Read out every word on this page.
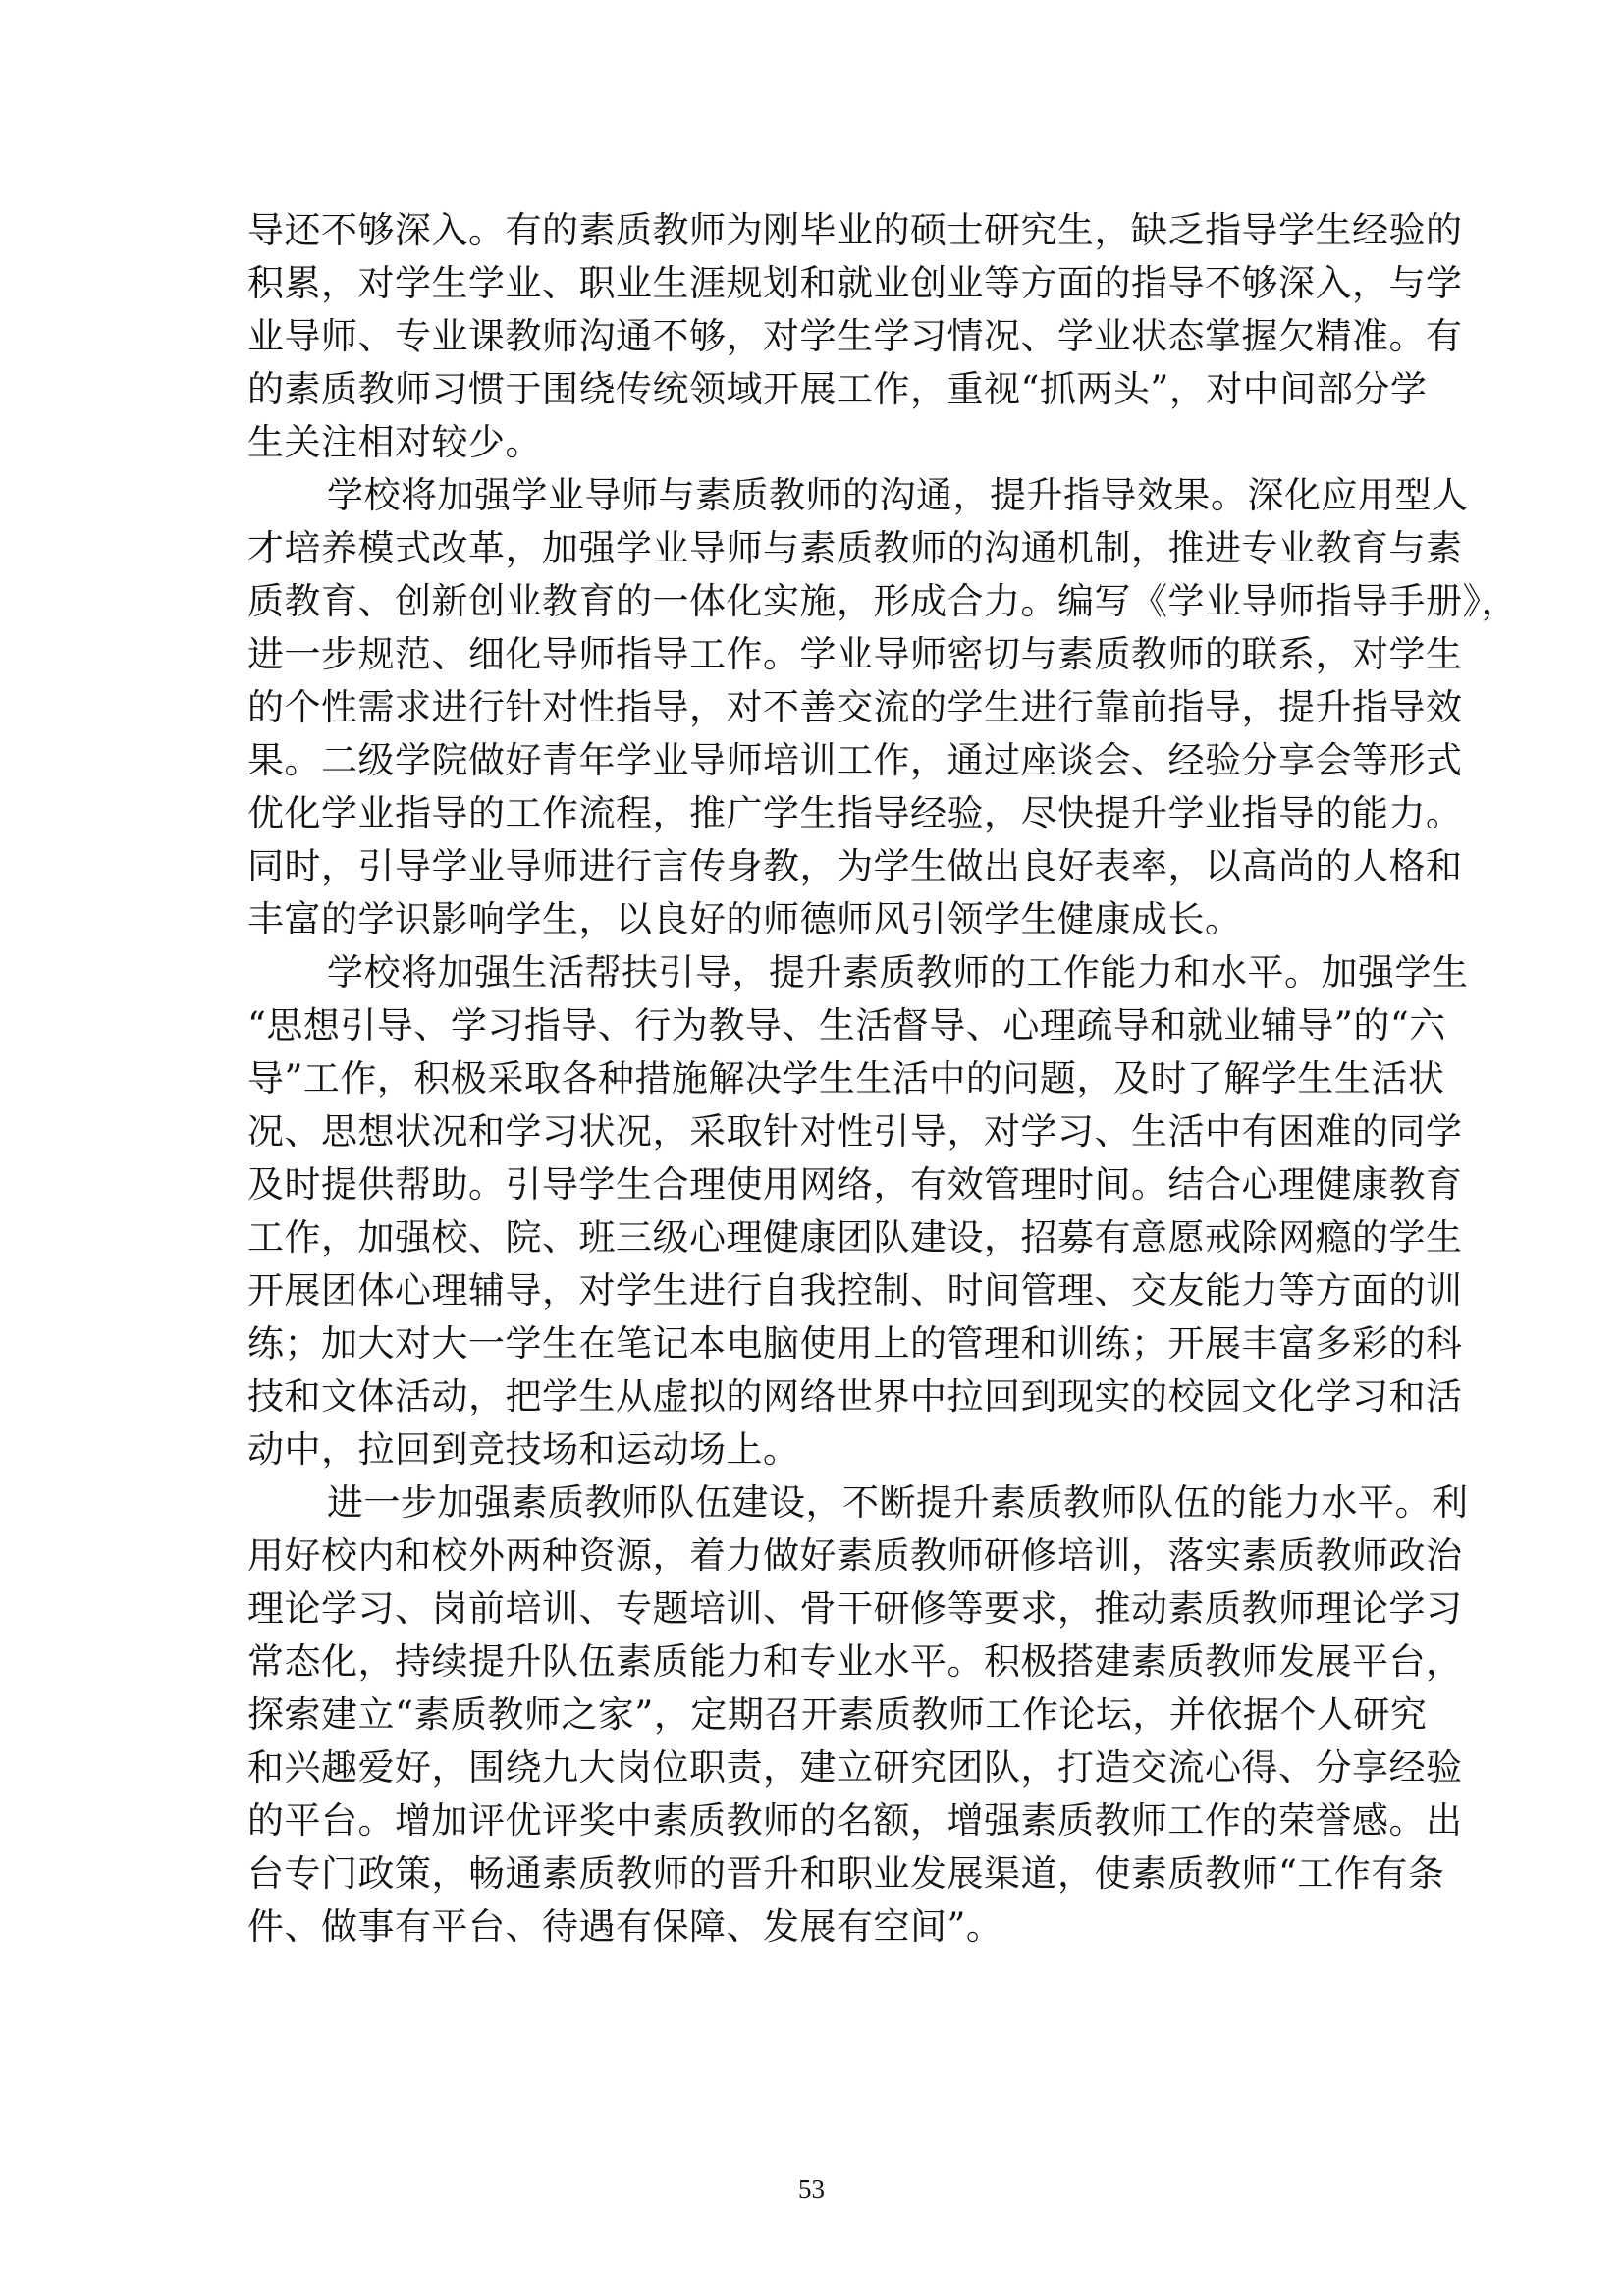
导还不够深入。有的素质教师为刚毕业的硕士研究生，缺乏指导学生经验的
积累，对学生学业、职业生涯规划和就业创业等方面的指导不够深入，与学
业导师、专业课教师沟通不够，对学生学习情况、学业状态掌握欠精准。有
的素质教师习惯于围绕传统领域开展工作，重视“抓两头”，对中间部分学
生关注相对较少。

学校将加强学业导师与素质教师的沟通，提升指导效果。深化应用型人
才培养模式改革，加强学业导师与素质教师的沟通机制，推进专业教育与素
质教育、创新创业教育的一体化实施，形成合力。编写《学业导师指导手册》，
进一步规范、细化导师指导工作。学业导师密切与素质教师的联系，对学生
的个性需求进行针对性指导，对不善交流的学生进行靠前指导，提升指导效
果。二级学院做好青年学业导师培训工作，通过座谈会、经验分享会等形式
优化学业指导的工作流程，推广学生指导经验，尽快提升学业指导的能力。
同时，引导学业导师进行言传身教，为学生做出良好表率，以高尚的人格和
丰富的学识影响学生，以良好的师德师风引领学生健康成长。

学校将加强生活帮扶引导，提升素质教师的工作能力和水平。加强学生
“思想引导、学习指导、行为教导、生活督导、心理疏导和就业辅导”的“六
导”工作，积极采取各种措施解决学生生活中的问题，及时了解学生生活状
况、思想状况和学习状况，采取针对性引导，对学习、生活中有困难的同学
及时提供帮助。引导学生合理使用网络，有效管理时间。结合心理健康教育
工作，加强校、院、班三级心理健康团队建设，招募有意愿戒除网瘾的学生
开展团体心理辅导，对学生进行自我控制、时间管理、交友能力等方面的训
练；加大对大一学生在笔记本电脑使用上的管理和训练；开展丰富多彩的科
技和文体活动，把学生从虚拟的网络世界中拉回到现实的校园文化学习和活
动中，拉回到竞技场和运动场上。

进一步加强素质教师队伍建设，不断提升素质教师队伍的能力水平。利
用好校内和校外两种资源，着力做好素质教师研修培训，落实素质教师政治
理论学习、岗前培训、专题培训、骨干研修等要求，推动素质教师理论学习
常态化，持续提升队伍素质能力和专业水平。积极搭建素质教师发展平台，
探索建立“素质教师之家”，定期召开素质教师工作论坛，并依据个人研究
和兴趣爱好，围绕九大岗位职责，建立研究团队，打造交流心得、分享经验
的平台。增加评优评奖中素质教师的名额，增强素质教师工作的荣誉感。出
台专门政策，畅通素质教师的晋升和职业发展渠道，使素质教师“工作有条
件、做事有平台、待遇有保障、发展有空间”。

53
